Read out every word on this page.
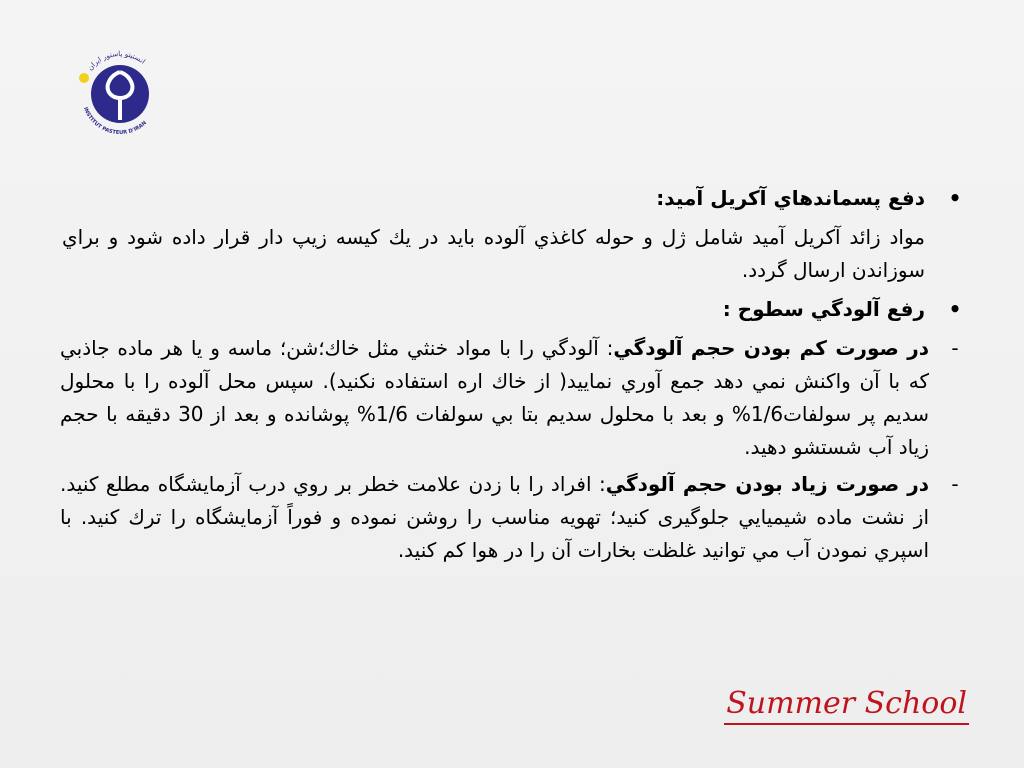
انستیتو پاستور ایران
INSTITUT PASTEUR D'IRAN
•
دفع پسماندهاي آكريل آميد:
مواد زائد آكريل آميد شامل ژل و حوله كاغذي آلوده بايد در يك كيسه زيپ دار قرار داده شود و براي سوزاندن ارسال گردد.
•
رفع آلودگي سطوح :
-
در صورت كم بودن حجم آلودگي: آلودگي را با مواد خنثي مثل خاك؛شن؛ ماسه و يا هر ماده جاذبي كه با آن واكنش نمي دهد جمع آوري نماييد( از خاك اره استفاده نكنيد). سپس محل آلوده را با محلول سديم پر سولفات1/6% و بعد با محلول سديم بتا بي سولفات 1/6% پوشانده و بعد از 30 دقيقه با حجم زياد آب شستشو دهيد.
-
در صورت زياد بودن حجم آلودگي: افراد را با زدن علامت خطر بر روي درب آزمايشگاه مطلع كنيد. از نشت ماده شيميايي جلوگيری كنيد؛ تهويه مناسب را روشن نموده و فوراً آزمايشگاه را ترك كنيد. با اسپري نمودن آب مي توانيد غلظت بخارات آن را در هوا كم كنيد.
Summer School
